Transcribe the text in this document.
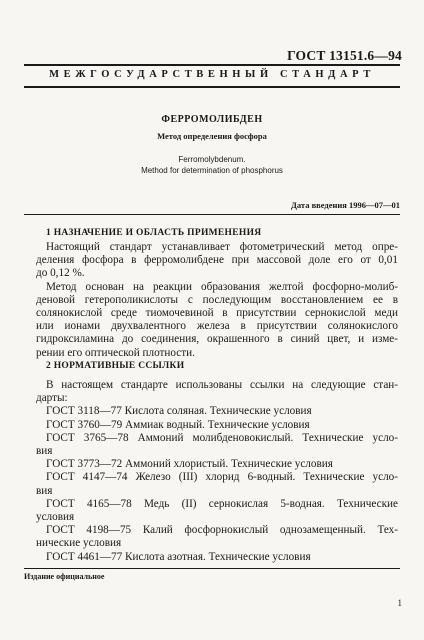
ГОСТ 13151.6—94
МЕЖГОСУДАРСТВЕННЫЙ СТАНДАРТ
ФЕРРОМОЛИБДЕН
Метод определения фосфора
Ferromolybdenum.
Method for determination of phosphorus
Дата введения 1996—07—01
1 НАЗНАЧЕНИЕ И ОБЛАСТЬ ПРИМЕНЕНИЯ
Настоящий стандарт устанавливает фотометрический метод опре-
деления фосфора в ферромолибдене при массовой доле его от 0,01
до 0,12 %.
Метод основан на реакции образования желтой фосфорно-молиб-
деновой гетерополикислоты с последующим восстановлением ее в
солянокислой среде тиомочевиной в присутствии сернокислой меди
или ионами двухвалентного железа в присутствии солянокислого
гидроксиламина до соединения, окрашенного в синий цвет, и изме-
рении его оптической плотности.
2 НОРМАТИВНЫЕ ССЫЛКИ
В настоящем стандарте использованы ссылки на следующие стан-
дарты:
ГОСТ 3118—77 Кислота соляная. Технические условия
ГОСТ 3760—79 Аммиак водный. Технические условия
ГОСТ 3765—78 Аммоний молибденовокислый. Технические усло-
вия
ГОСТ 3773—72 Аммоний хлористый. Технические условия
ГОСТ 4147—74 Железо (III) хлорид 6-водный. Технические усло-
вия
ГОСТ 4165—78 Медь (II) сернокислая 5-водная. Технические
условия
ГОСТ 4198—75 Калий фосфорнокислый однозамещенный. Тех-
нические условия
ГОСТ 4461—77 Кислота азотная. Технические условия
Издание официальное
1
